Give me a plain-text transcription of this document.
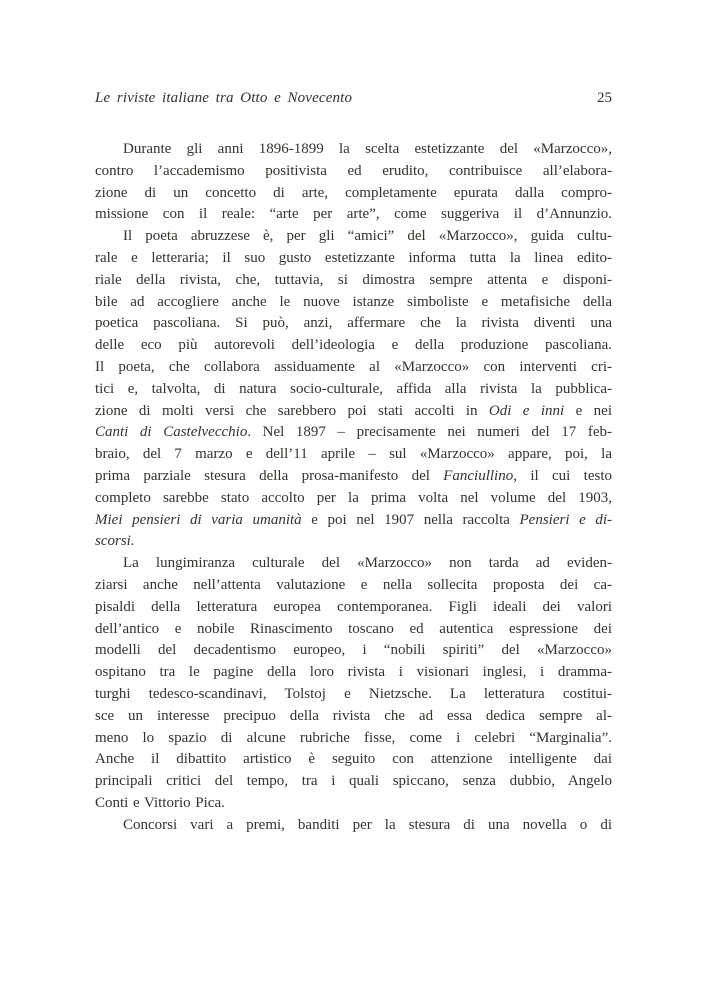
Le riviste italiane tra Otto e Novecento	25
Durante gli anni 1896-1899 la scelta estetizzante del «Marzocco»,
contro l’accademismo positivista ed erudito, contribuisce all’elabora-
zione di un concetto di arte, completamente epurata dalla compro-
missione con il reale: “arte per arte”, come suggeriva il d’Annunzio.
Il poeta abruzzese è, per gli “amici” del «Marzocco», guida cultu-
rale e letteraria; il suo gusto estetizzante informa tutta la linea edito-
riale della rivista, che, tuttavia, si dimostra sempre attenta e disponi-
bile ad accogliere anche le nuove istanze simboliste e metafisiche della
poetica pascoliana. Si può, anzi, affermare che la rivista diventi una
delle eco più autorevoli dell’ideologia e della produzione pascoliana.
Il poeta, che collabora assiduamente al «Marzocco» con interventi cri-
tici e, talvolta, di natura socio-culturale, affida alla rivista la pubblica-
zione di molti versi che sarebbero poi stati accolti in Odi e inni e nei
Canti di Castelvecchio. Nel 1897 – precisamente nei numeri del 17 feb-
braio, del 7 marzo e dell’11 aprile – sul «Marzocco» appare, poi, la
prima parziale stesura della prosa-manifesto del Fanciullino, il cui testo
completo sarebbe stato accolto per la prima volta nel volume del 1903,
Miei pensieri di varia umanità e poi nel 1907 nella raccolta Pensieri e di-
scorsi.
La lungimiranza culturale del «Marzocco» non tarda ad eviden-
ziarsi anche nell’attenta valutazione e nella sollecita proposta dei ca-
pisaldi della letteratura europea contemporanea. Figli ideali dei valori
dell’antico e nobile Rinascimento toscano ed autentica espressione dei
modelli del decadentismo europeo, i “nobili spiriti” del «Marzocco»
ospitano tra le pagine della loro rivista i visionari inglesi, i dramma-
turghi tedesco-scandinavi, Tolstoj e Nietzsche. La letteratura costitui-
sce un interesse precipuo della rivista che ad essa dedica sempre al-
meno lo spazio di alcune rubriche fisse, come i celebri “Marginalia”.
Anche il dibattito artistico è seguito con attenzione intelligente dai
principali critici del tempo, tra i quali spiccano, senza dubbio, Angelo
Conti e Vittorio Pica.
Concorsi vari a premi, banditi per la stesura di una novella o di
